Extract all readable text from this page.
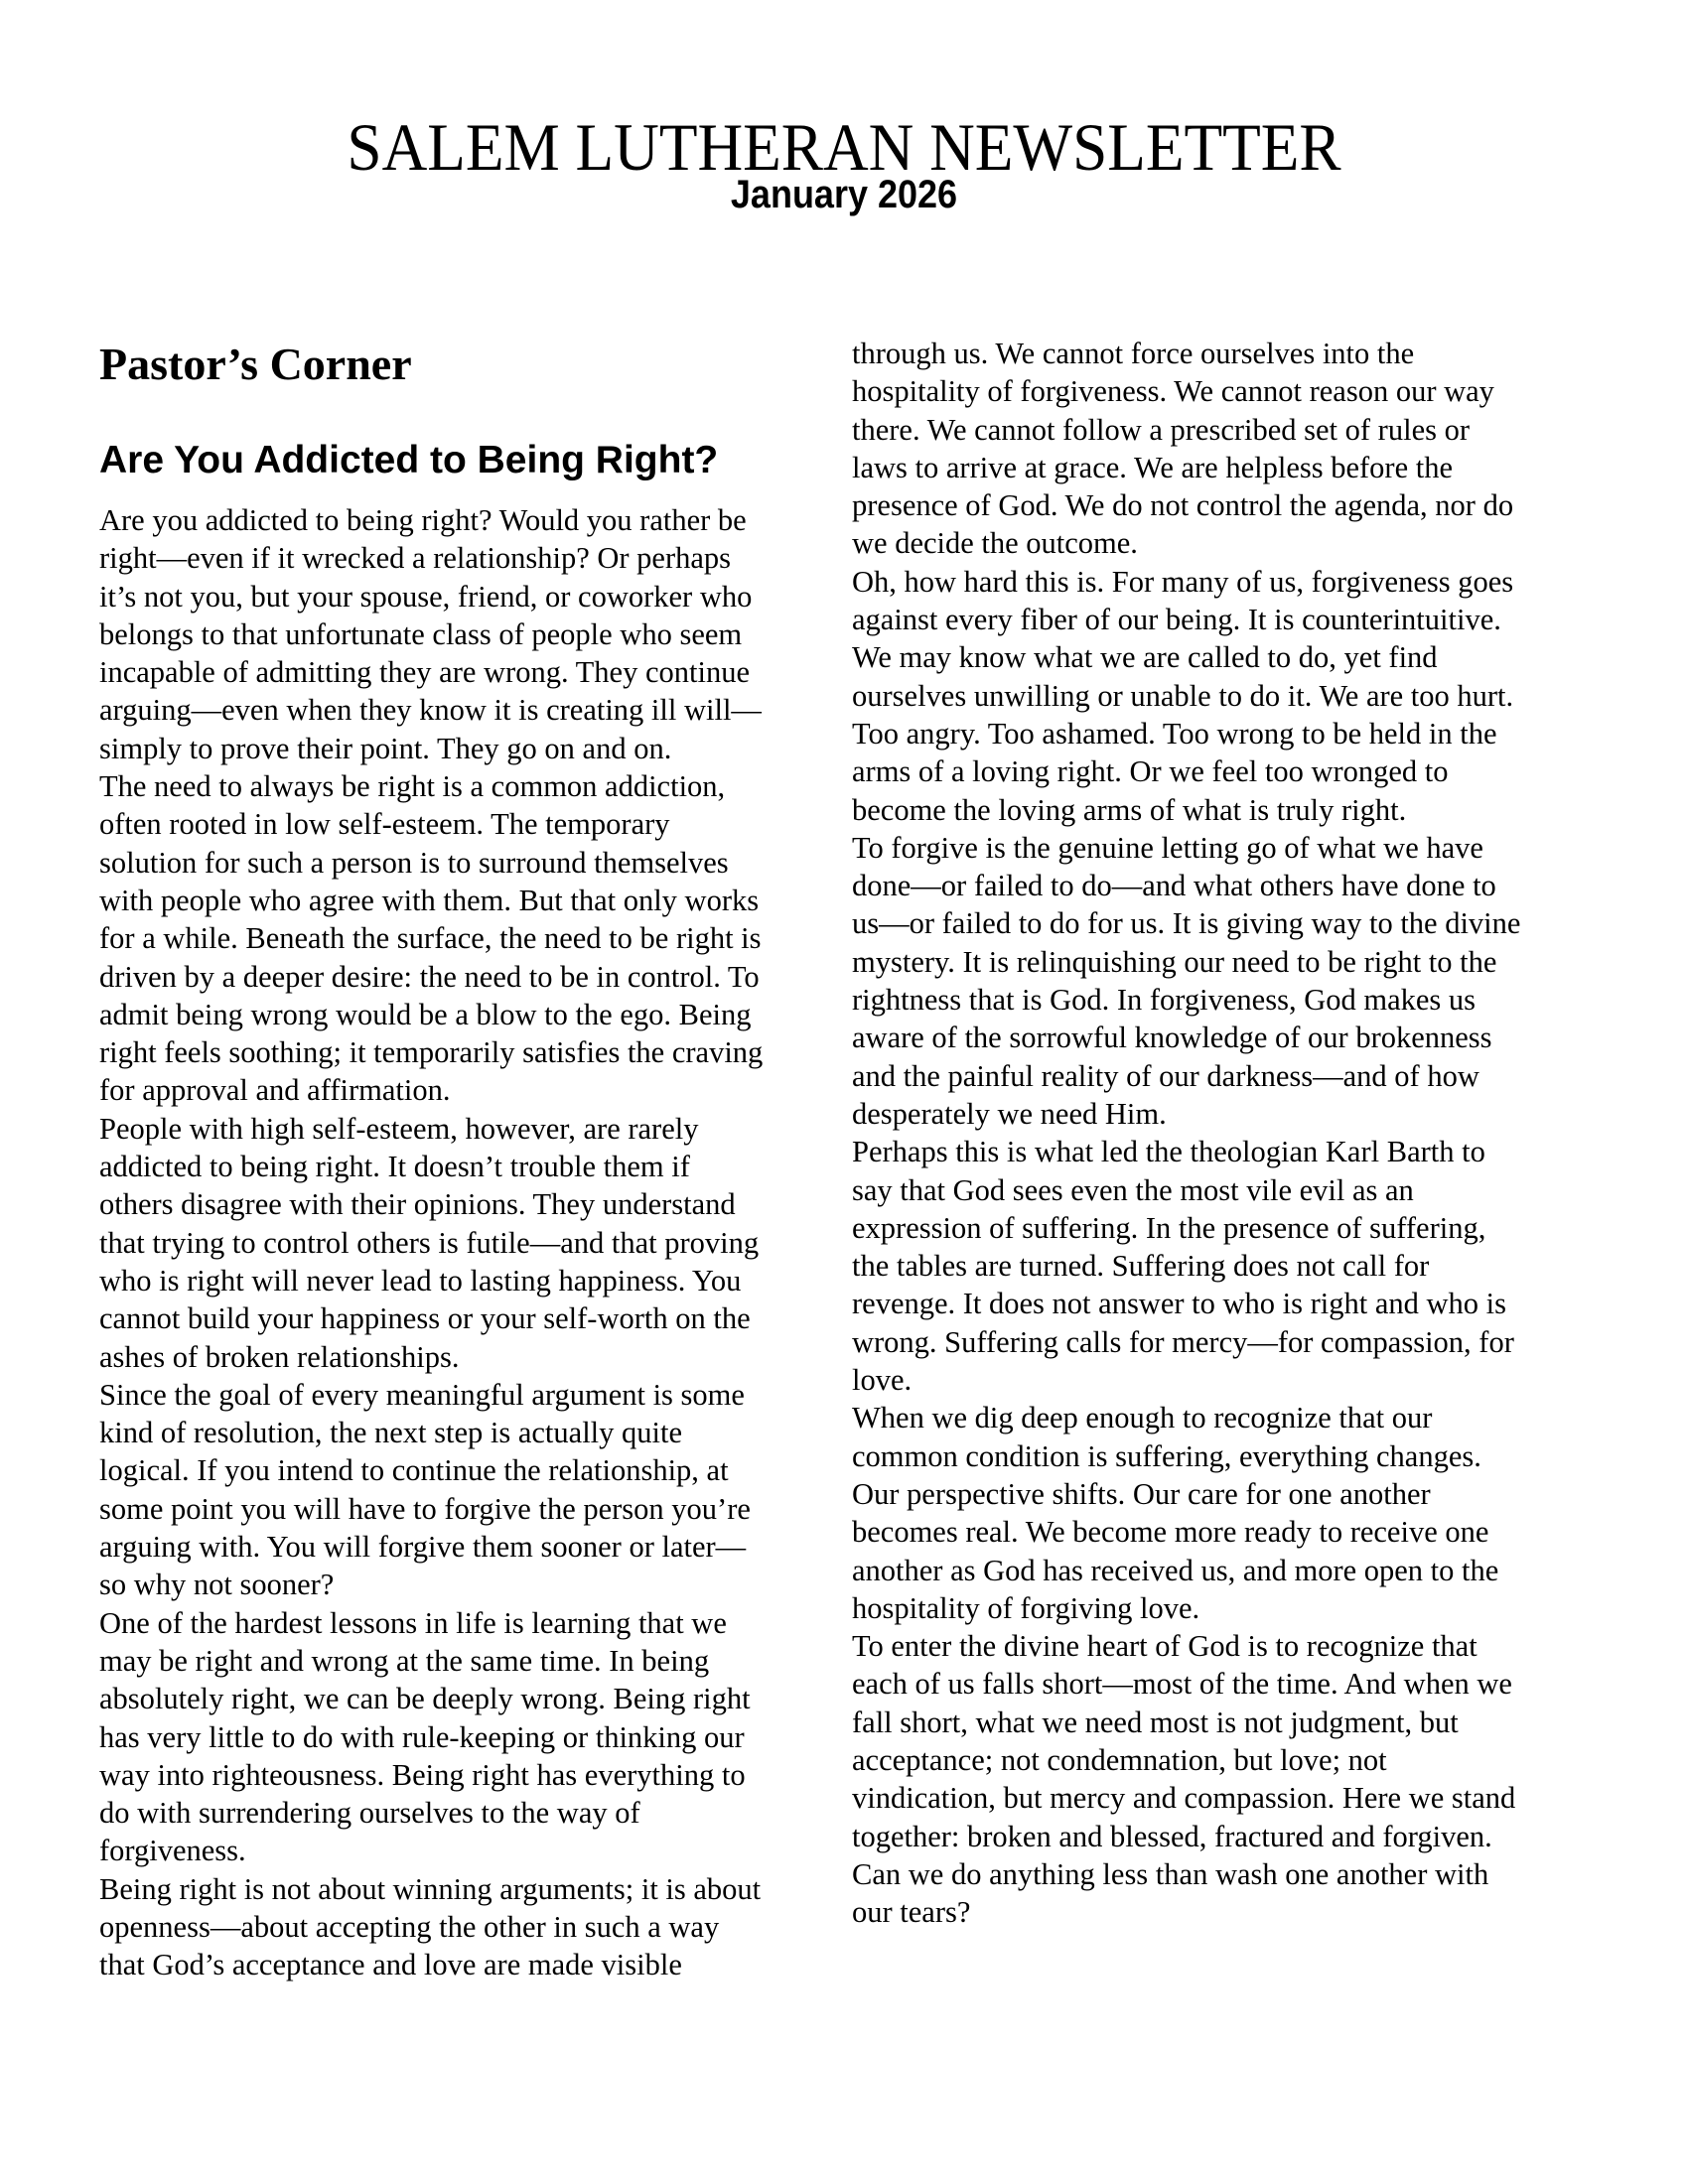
SALEM LUTHERAN NEWSLETTER
January 2026
Pastor’s Corner
Are You Addicted to Being Right?
Are you addicted to being right? Would you rather be
right—even if it wrecked a relationship? Or perhaps
it’s not you, but your spouse, friend, or coworker who
belongs to that unfortunate class of people who seem
incapable of admitting they are wrong. They continue
arguing—even when they know it is creating ill will—
simply to prove their point. They go on and on.
The need to always be right is a common addiction,
often rooted in low self-esteem. The temporary
solution for such a person is to surround themselves
with people who agree with them. But that only works
for a while. Beneath the surface, the need to be right is
driven by a deeper desire: the need to be in control. To
admit being wrong would be a blow to the ego. Being
right feels soothing; it temporarily satisfies the craving
for approval and affirmation.
People with high self-esteem, however, are rarely
addicted to being right. It doesn’t trouble them if
others disagree with their opinions. They understand
that trying to control others is futile—and that proving
who is right will never lead to lasting happiness. You
cannot build your happiness or your self-worth on the
ashes of broken relationships.
Since the goal of every meaningful argument is some
kind of resolution, the next step is actually quite
logical. If you intend to continue the relationship, at
some point you will have to forgive the person you’re
arguing with. You will forgive them sooner or later—
so why not sooner?
One of the hardest lessons in life is learning that we
may be right and wrong at the same time. In being
absolutely right, we can be deeply wrong. Being right
has very little to do with rule-keeping or thinking our
way into righteousness. Being right has everything to
do with surrendering ourselves to the way of
forgiveness.
Being right is not about winning arguments; it is about
openness—about accepting the other in such a way
that God’s acceptance and love are made visible
through us. We cannot force ourselves into the
hospitality of forgiveness. We cannot reason our way
there. We cannot follow a prescribed set of rules or
laws to arrive at grace. We are helpless before the
presence of God. We do not control the agenda, nor do
we decide the outcome.
Oh, how hard this is. For many of us, forgiveness goes
against every fiber of our being. It is counterintuitive.
We may know what we are called to do, yet find
ourselves unwilling or unable to do it. We are too hurt.
Too angry. Too ashamed. Too wrong to be held in the
arms of a loving right. Or we feel too wronged to
become the loving arms of what is truly right.
To forgive is the genuine letting go of what we have
done—or failed to do—and what others have done to
us—or failed to do for us. It is giving way to the divine
mystery. It is relinquishing our need to be right to the
rightness that is God. In forgiveness, God makes us
aware of the sorrowful knowledge of our brokenness
and the painful reality of our darkness—and of how
desperately we need Him.
Perhaps this is what led the theologian Karl Barth to
say that God sees even the most vile evil as an
expression of suffering. In the presence of suffering,
the tables are turned. Suffering does not call for
revenge. It does not answer to who is right and who is
wrong. Suffering calls for mercy—for compassion, for
love.
When we dig deep enough to recognize that our
common condition is suffering, everything changes.
Our perspective shifts. Our care for one another
becomes real. We become more ready to receive one
another as God has received us, and more open to the
hospitality of forgiving love.
To enter the divine heart of God is to recognize that
each of us falls short—most of the time. And when we
fall short, what we need most is not judgment, but
acceptance; not condemnation, but love; not
vindication, but mercy and compassion. Here we stand
together: broken and blessed, fractured and forgiven.
Can we do anything less than wash one another with
our tears?
